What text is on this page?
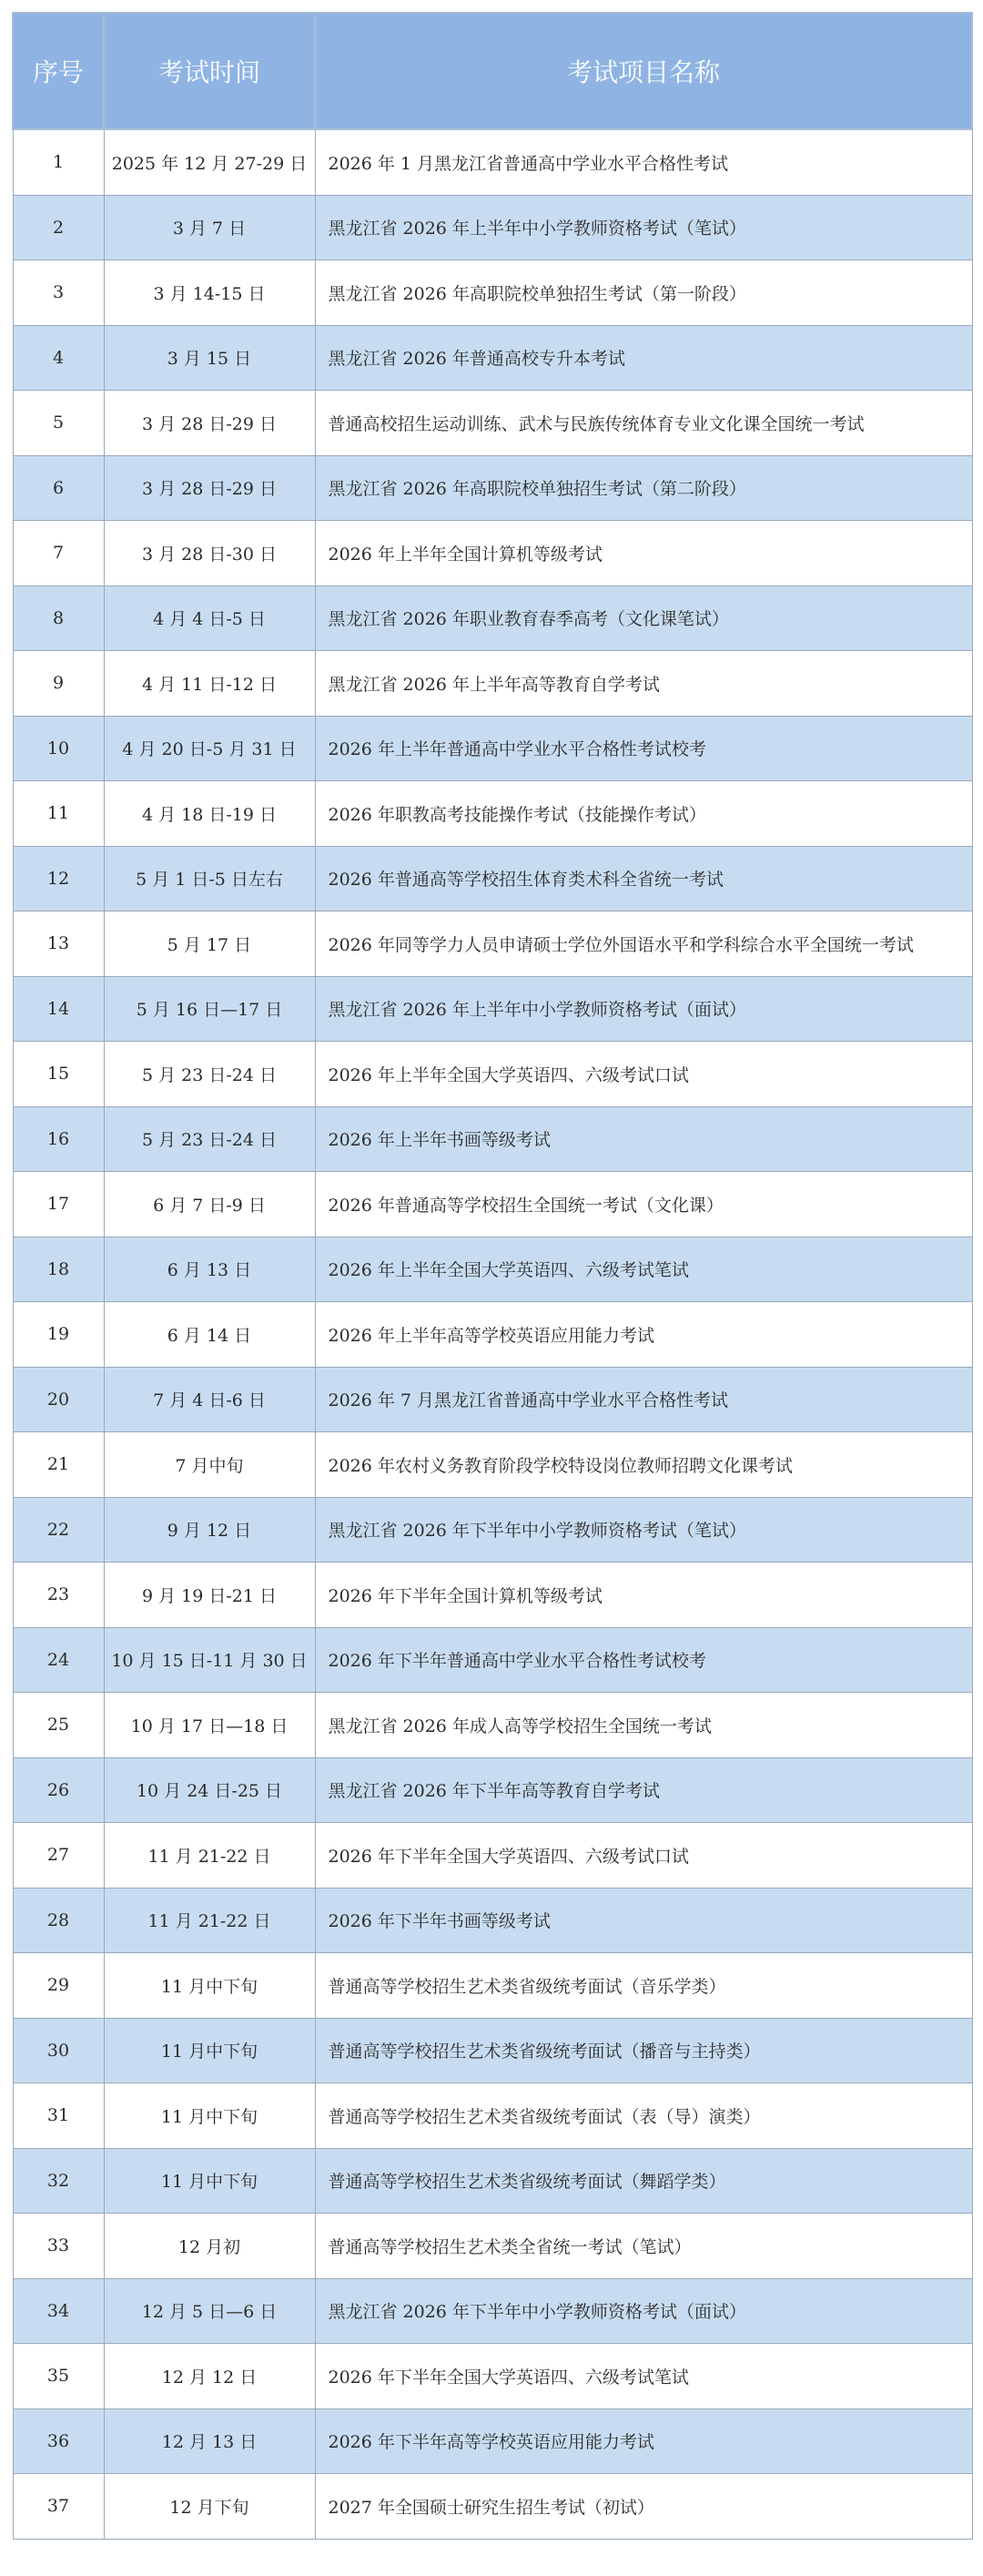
序号	考试时间	考试项目名称
1	2025 年 12 月 27-29 日	2026 年 1 月黑龙江省普通高中学业水平合格性考试
2	3 月 7 日	黑龙江省 2026 年上半年中小学教师资格考试（笔试）
3	3 月 14-15 日	黑龙江省 2026 年高职院校单独招生考试（第一阶段）
4	3 月 15 日	黑龙江省 2026 年普通高校专升本考试
5	3 月 28 日-29 日	普通高校招生运动训练、武术与民族传统体育专业文化课全国统一考试
6	3 月 28 日-29 日	黑龙江省 2026 年高职院校单独招生考试（第二阶段）
7	3 月 28 日-30 日	2026 年上半年全国计算机等级考试
8	4 月 4 日-5 日	黑龙江省 2026 年职业教育春季高考（文化课笔试）
9	4 月 11 日-12 日	黑龙江省 2026 年上半年高等教育自学考试
10	4 月 20 日-5 月 31 日	2026 年上半年普通高中学业水平合格性考试校考
11	4 月 18 日-19 日	2026 年职教高考技能操作考试（技能操作考试）
12	5 月 1 日-5 日左右	2026 年普通高等学校招生体育类术科全省统一考试
13	5 月 17 日	2026 年同等学力人员申请硕士学位外国语水平和学科综合水平全国统一考试
14	5 月 16 日—17 日	黑龙江省 2026 年上半年中小学教师资格考试（面试）
15	5 月 23 日-24 日	2026 年上半年全国大学英语四、六级考试口试
16	5 月 23 日-24 日	2026 年上半年书画等级考试
17	6 月 7 日-9 日	2026 年普通高等学校招生全国统一考试（文化课）
18	6 月 13 日	2026 年上半年全国大学英语四、六级考试笔试
19	6 月 14 日	2026 年上半年高等学校英语应用能力考试
20	7 月 4 日-6 日	2026 年 7 月黑龙江省普通高中学业水平合格性考试
21	7 月中旬	2026 年农村义务教育阶段学校特设岗位教师招聘文化课考试
22	9 月 12 日	黑龙江省 2026 年下半年中小学教师资格考试（笔试）
23	9 月 19 日-21 日	2026 年下半年全国计算机等级考试
24	10 月 15 日-11 月 30 日	2026 年下半年普通高中学业水平合格性考试校考
25	10 月 17 日—18 日	黑龙江省 2026 年成人高等学校招生全国统一考试
26	10 月 24 日-25 日	黑龙江省 2026 年下半年高等教育自学考试
27	11 月 21-22 日	2026 年下半年全国大学英语四、六级考试口试
28	11 月 21-22 日	2026 年下半年书画等级考试
29	11 月中下旬	普通高等学校招生艺术类省级统考面试（音乐学类）
30	11 月中下旬	普通高等学校招生艺术类省级统考面试（播音与主持类）
31	11 月中下旬	普通高等学校招生艺术类省级统考面试（表（导）演类）
32	11 月中下旬	普通高等学校招生艺术类省级统考面试（舞蹈学类）
33	12 月初	普通高等学校招生艺术类全省统一考试（笔试）
34	12 月 5 日—6 日	黑龙江省 2026 年下半年中小学教师资格考试（面试）
35	12 月 12 日	2026 年下半年全国大学英语四、六级考试笔试
36	12 月 13 日	2026 年下半年高等学校英语应用能力考试
37	12 月下旬	2027 年全国硕士研究生招生考试（初试）
